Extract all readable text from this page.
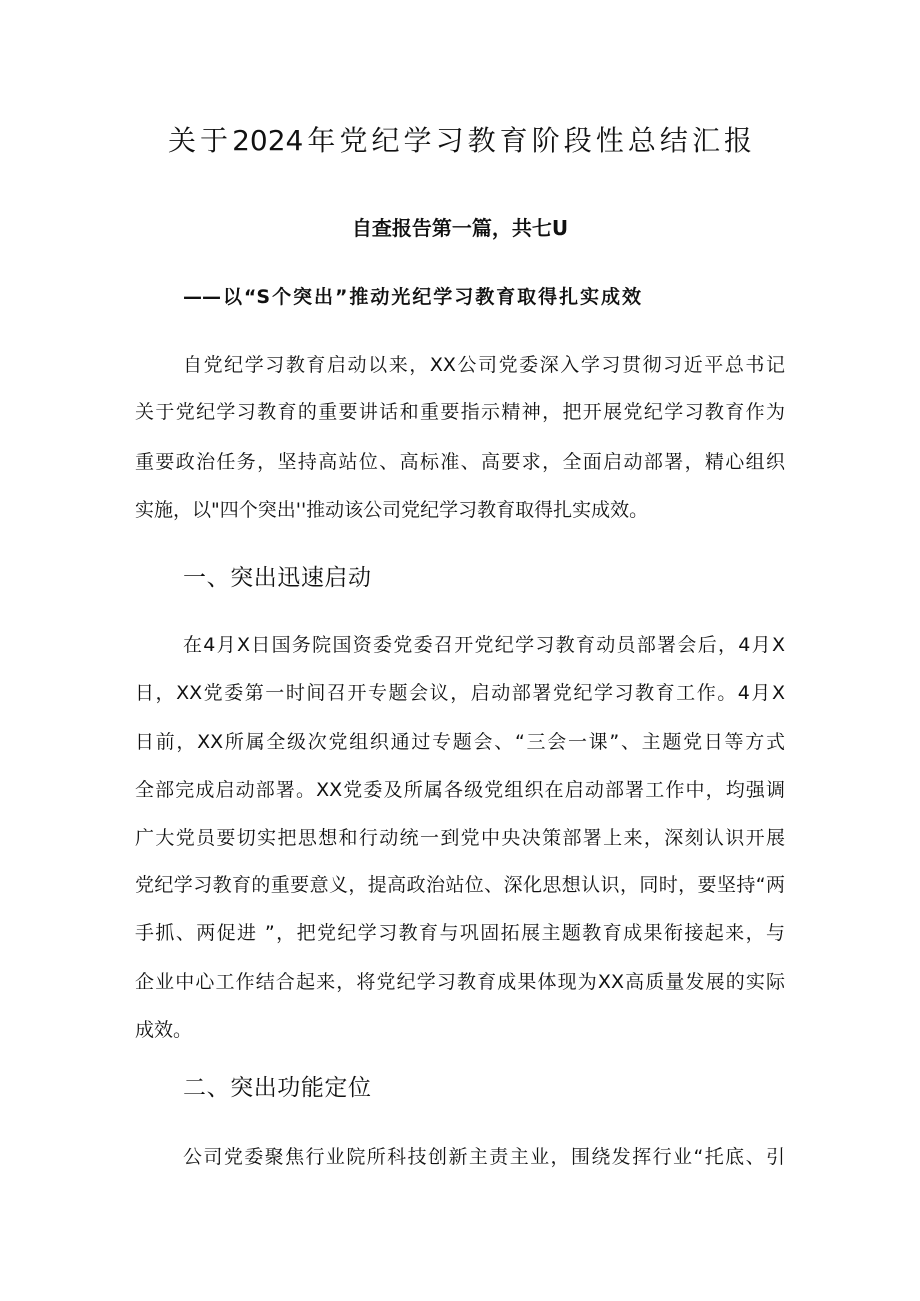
关于2024年党纪学习教育阶段性总结汇报
自查报告第一篇，共七U
——以“S个突出”推动光纪学习教育取得扎实成效
自党纪学习教育启动以来，XX公司党委深入学习贯彻习近平总书记
关于党纪学习教育的重要讲话和重要指示精神，把开展党纪学习教育作为
重要政治任务，坚持高站位、高标准、高要求，全面启动部署，精心组织
实施，以"四个突出''推动该公司党纪学习教育取得扎实成效。
一、突出迅速启动
在4月X日国务院国资委党委召开党纪学习教育动员部署会后，4月X
日，XX党委第一时间召开专题会议，启动部署党纪学习教育工作。4月X
日前，XX所属全级次党组织通过专题会、“三会一课”、主题党日等方式
全部完成启动部署。XX党委及所属各级党组织在启动部署工作中，均强调
广大党员要切实把思想和行动统一到党中央决策部署上来，深刻认识开展
党纪学习教育的重要意义，提高政治站位、深化思想认识，同时，要坚持“两
手抓、两促进 ”，把党纪学习教育与巩固拓展主题教育成果衔接起来，与
企业中心工作结合起来，将党纪学习教育成果体现为XX高质量发展的实际
成效。
二、突出功能定位
公司党委聚焦行业院所科技创新主责主业，围绕发挥行业“托底、引
